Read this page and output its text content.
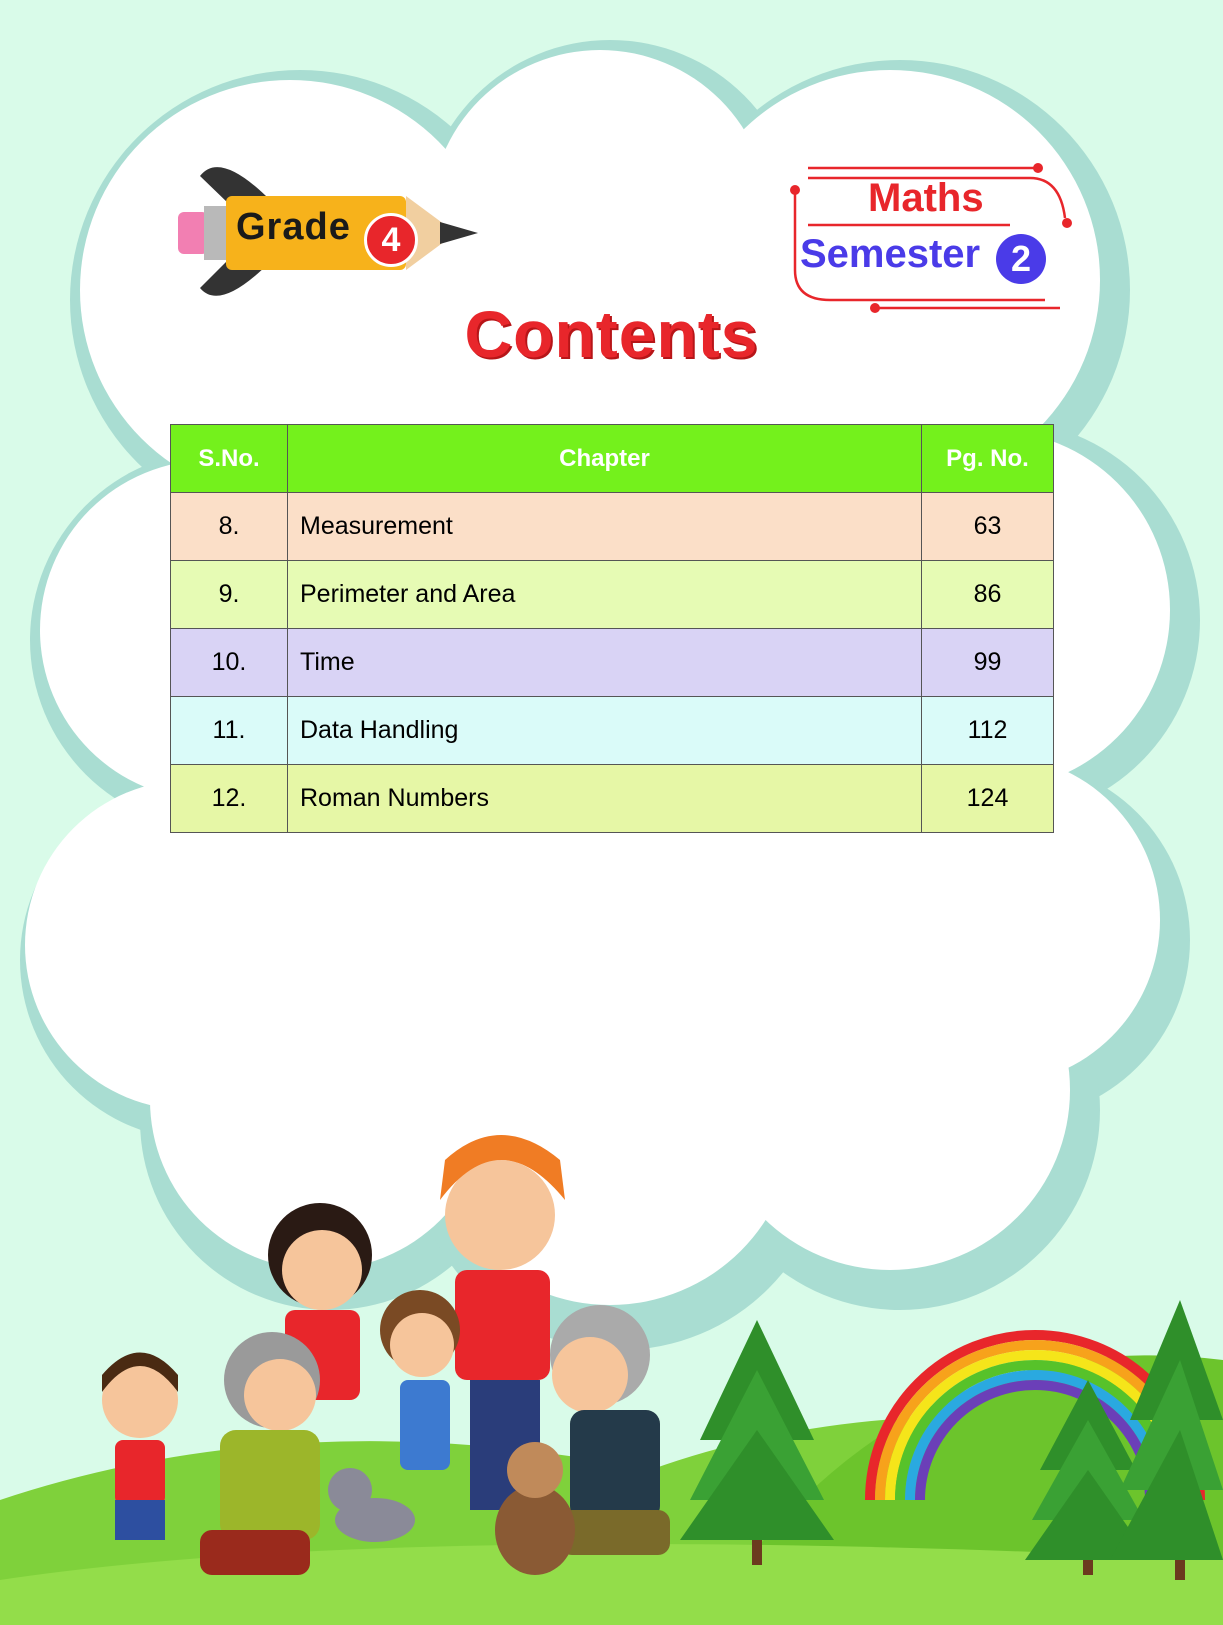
Grade 4
Maths
Semester 2
Contents
S.No.	Chapter	Pg. No.
8.	Measurement	63
9.	Perimeter and Area	86
10.	Time	99
11.	Data Handling	112
12.	Roman Numbers	124
